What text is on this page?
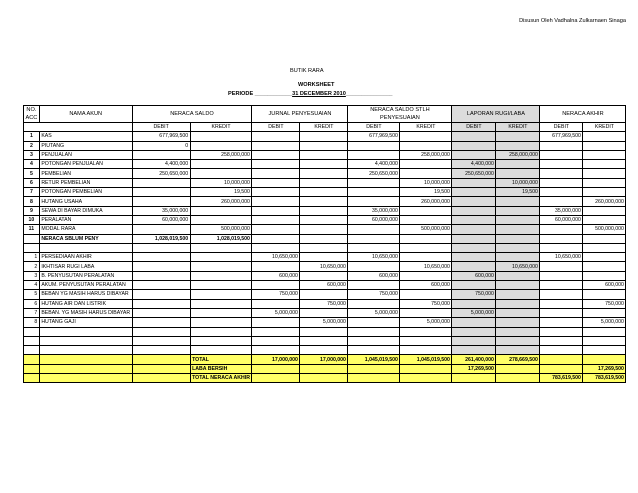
Disusun Oleh Vadhalna Zulkarnaen Sinaga
BUTIK RARA
WORKSHEET
PERIODE ____________31 DECEMBER 2010_______________
NO. ACC	NAMA AKUN	NERACA SALDO		JURNAL PENYESUAIAN		NERACA SALDO STLH PENYESUAIAN		LAPORAN RUGI/LABA		NERACA AKHIR	
		DEBIT	KREDIT	DEBIT	KREDIT	DEBIT	KREDIT	DEBIT	KREDIT	DEBIT	KREDIT
1	KAS	677,969,500				677,969,500				677,969,500	
2	PIUTANG	0									
3	PENJUALAN		258,000,000				258,000,000		258,000,000		
4	POTONGAN PENJUALAN	4,400,000				4,400,000		4,400,000			
5	PEMBELIAN	250,650,000				250,650,000		250,650,000			
6	RETUR PEMBELIAN		10,000,000				10,000,000		10,000,000		
7	POTONGAN PEMBELIAN		19,500				19,500		19,500		
8	HUTANG USAHA		260,000,000				260,000,000				260,000,000
9	SEWA DI BAYAR DIMUKA	35,000,000				35,000,000				35,000,000	
10	PERALATAN	60,000,000				60,000,000				60,000,000	
11	MODAL RARA		500,000,000				500,000,000				500,000,000
	NERACA SBLUM PENY	1,028,019,500	1,028,019,500								

1	PERSEDIAAN AKHIR			10,650,000		10,650,000				10,650,000	
2	IKHTISAR RUGI LABA				10,650,000		10,650,000		10,650,000		
3	B. PENYUSUTAN PERALATAN			600,000		600,000		600,000			
4	AKUM. PENYUSUTAN PERALATAN				600,000		600,000				600,000
5	BEBAN YG MASIH HARUS DIBAYAR			750,000		750,000		750,000			
6	HUTANG AIR DAN LISTRIK				750,000		750,000				750,000
7	BEBAN. YG MASIH HARUS DIBAYAR			5,000,000		5,000,000		5,000,000			
8	HUTANG GAJI				5,000,000		5,000,000				5,000,000

			TOTAL	17,000,000	17,000,000	1,045,019,500	1,045,019,500	261,400,000	278,669,500		
			LABA BERSIH					17,269,500			17,269,500
			TOTAL NERACA AKHIR							783,619,500	783,619,500
